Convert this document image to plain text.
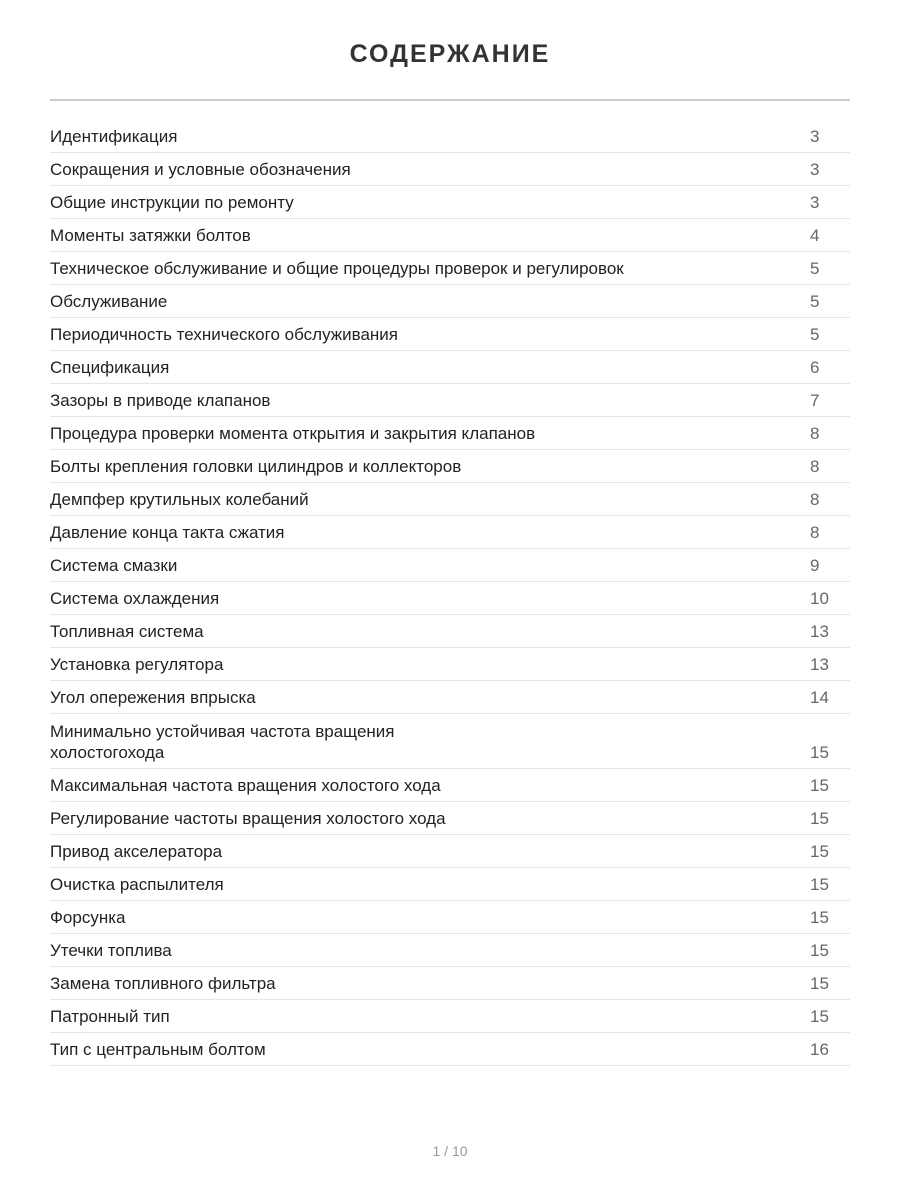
СОДЕРЖАНИЕ
Идентификация	3
Сокращения и условные обозначения	3
Общие инструкции по ремонту	3
Моменты затяжки болтов	4
Техническое обслуживание и общие процедуры проверок и регулировок	5
Обслуживание	5
Периодичность технического обслуживания	5
Спецификация	6
Зазоры в приводе клапанов	7
Процедура проверки момента открытия и закрытия клапанов	8
Болты крепления головки цилиндров и коллекторов	8
Демпфер крутильных колебаний	8
Давление конца такта сжатия	8
Система смазки	9
Система охлаждения	10
Топливная система	13
Установка регулятора	13
Угол опережения впрыска	14
Минимально устойчивая частота вращения холостогохода	15
Максимальная частота вращения холостого хода	15
Регулирование частоты вращения холостого хода	15
Привод акселератора	15
Очистка распылителя	15
Форсунка	15
Утечки топлива	15
Замена топливного фильтра	15
Патронный тип	15
Тип с центральным болтом	16
1 / 10
